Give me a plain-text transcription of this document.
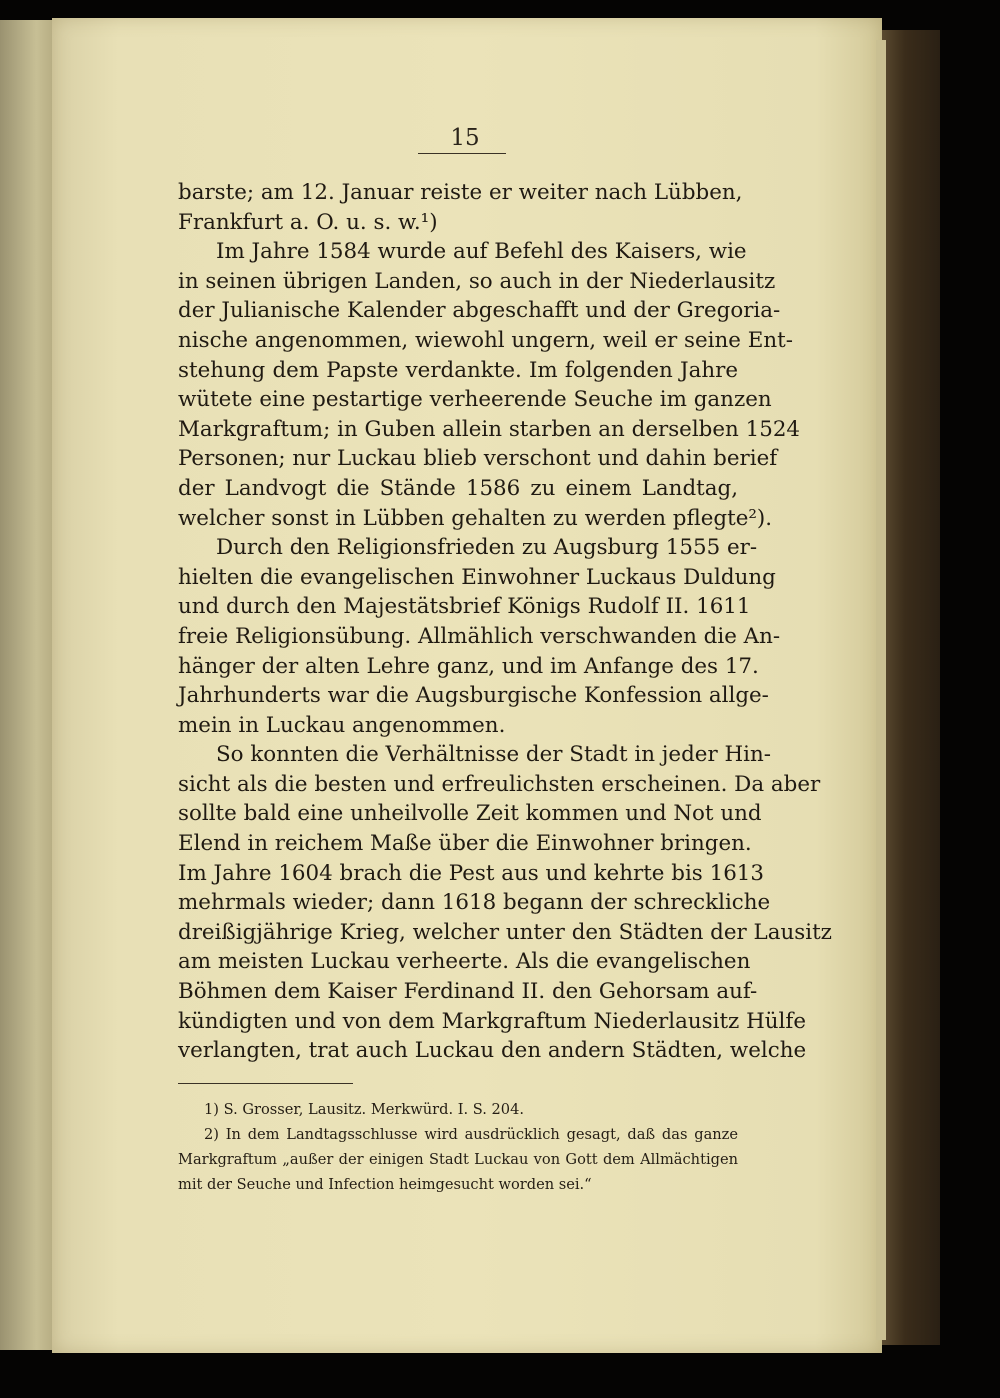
15
barste; am 12. Januar reiste er weiter nach Lübben,
Frankfurt a. O. u. s. w.¹)
Im Jahre 1584 wurde auf Befehl des Kaisers, wie
in seinen übrigen Landen, so auch in der Niederlausitz
der Julianische Kalender abgeschafft und der Gregoria-
nische angenommen, wiewohl ungern, weil er seine Ent-
stehung dem Papste verdankte. Im folgenden Jahre
wütete eine pestartige verheerende Seuche im ganzen
Markgraftum; in Guben allein starben an derselben 1524
Personen; nur Luckau blieb verschont und dahin berief
der Landvogt die Stände 1586 zu einem Landtag,
welcher sonst in Lübben gehalten zu werden pflegte²).
Durch den Religionsfrieden zu Augsburg 1555 er-
hielten die evangelischen Einwohner Luckaus Duldung
und durch den Majestätsbrief Königs Rudolf II. 1611
freie Religionsübung. Allmählich verschwanden die An-
hänger der alten Lehre ganz, und im Anfange des 17.
Jahrhunderts war die Augsburgische Konfession allge-
mein in Luckau angenommen.
So konnten die Verhältnisse der Stadt in jeder Hin-
sicht als die besten und erfreulichsten erscheinen. Da aber
sollte bald eine unheilvolle Zeit kommen und Not und
Elend in reichem Maße über die Einwohner bringen.
Im Jahre 1604 brach die Pest aus und kehrte bis 1613
mehrmals wieder; dann 1618 begann der schreckliche
dreißigjährige Krieg, welcher unter den Städten der Lausitz
am meisten Luckau verheerte. Als die evangelischen
Böhmen dem Kaiser Ferdinand II. den Gehorsam auf-
kündigten und von dem Markgraftum Niederlausitz Hülfe
verlangten, trat auch Luckau den andern Städten, welche
1) S. Grosser, Lausitz. Merkwürd. I. S. 204.
2) In dem Landtagsschlusse wird ausdrücklich gesagt, daß das ganze
Markgraftum „außer der einigen Stadt Luckau von Gott dem Allmächtigen
mit der Seuche und Infection heimgesucht worden sei.“
